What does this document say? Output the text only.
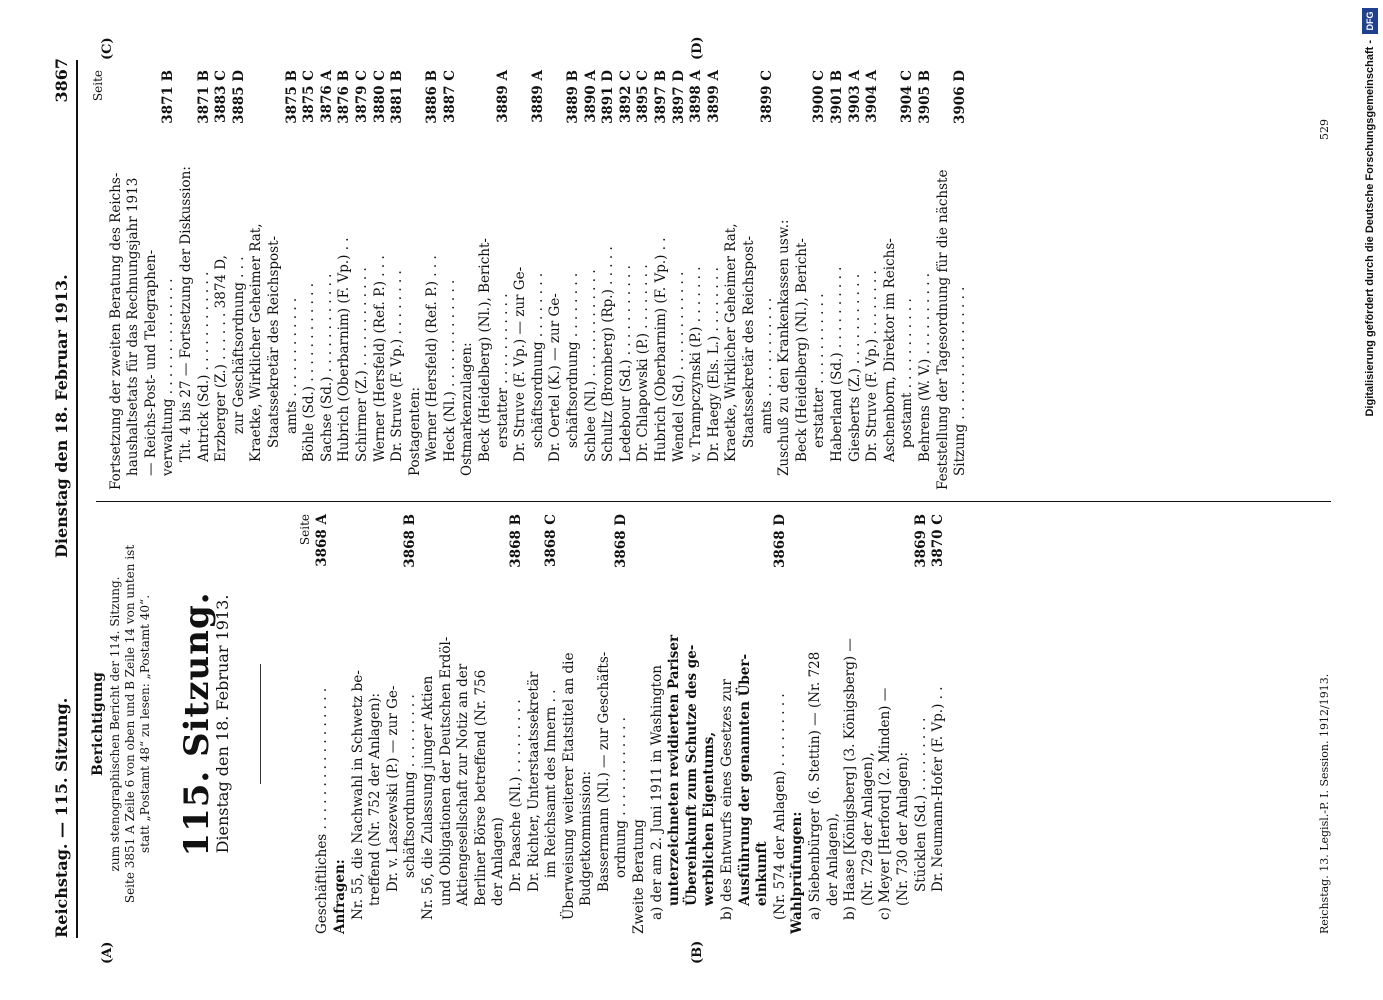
Reichstag. — 115. Sitzung.
Dienstag den 18. Februar 1913.
3867
(A)	(B)
(C)	(D)
Berichtigung zum stenographischen Bericht der 114. Sitzung. Seite 3851 A Zeile 6 von oben und B Zeile 14 von unten ist statt „Postamt 48“ zu lesen: „Postamt 40“. 115. Sitzung.
Dienstag den 18. Februar 1913.
Seite
Geschäftliches . . . . . . . . . . . . . . . . .
3868 A
Anfragen: Nr. 55, die Nachwahl in Schwetz be- treffend (Nr. 752 der Anlagen): Dr. v. Laszewski (P.) — zur Ge- schäftsordnung . . . . . . . . .
3868 B
Nr. 56, die Zulassung junger Aktien und Obligationen der Deutschen Erdöl- Aktiengesellschaft zur Notiz an der Berliner Börse betreffend (Nr. 756 der Anlagen) Dr. Paasche (Nl.) . . . . . . . . .
3868 B
Dr. Richter, Unterstaatssekretär im Reichsamt des Innern . .
3868 C
Überweisung weiterer Etatstitel an die Budgetkommission: Bassermann (Nl.) — zur Geschäfts- ordnung . . . . . . . . . . . .
3868 D
Zweite Beratung a) der am 2. Juni 1911 in Washington unterzeichneten revidierten Pariser Übereinkunft zum Schutze des ge- werblichen Eigentums, b) des Entwurfs eines Gesetzes zur Ausführung der genannten Über- einkunft (Nr. 574 der Anlagen) . . . . . . . . .
3868 D
Wahlprüfungen: a) Siebenbürger (6. Stettin) — (Nr. 728 der Anlagen), b) Haase [Königsberg] (3. Königsberg) — (Nr. 729 der Anlagen), c) Meyer [Herford] (2. Minden) — (Nr. 730 der Anlagen): Stücklen (Sd.) . . . . . . . . .
3869 B
Dr. Neumann-Hofer (F. Vp.) . .
3870 C
Seite
Fortsetzung der zweiten Beratung des Reichs- haushaltsetats für das Rechnungsjahr 1913 — Reichs-Post- und Telegraphen- verwaltung . . . . . . . . . . . . . .
3871 B
Tit. 4 bis 27 — Fortsetzung der Diskussion: Antrick (Sd.) . . . . . . . . . . . .
3871 B
Erzberger (Z.) . . . . . . 3874 D,
3883 C
zur Geschäftsordnung . . .
3885 D
Kraetke, Wirklicher Geheimer Rat, Staatssekretär des Reichspost- amts . . . . . . . . . . . .
3875 B
Böhle (Sd.) . . . . . . . . . . . .
3875 C
Sachse (Sd.) . . . . . . . . . . . .
3876 A
Hubrich (Oberbarnim) (F. Vp.) . .
3876 B
Schirmer (Z.) . . . . . . . . . . . .
3879 C
Werner (Hersfeld) (Ref. P.) . . .
3880 C
Dr. Struve (F. Vp.) . . . . . . . .
3881 B
Postagenten: Werner (Hersfeld) (Ref. P.) . . .
3886 B
Heck (Nl.) . . . . . . . . . . . . .
3887 C
Ostmarkenzulagen: Beck (Heidelberg) (Nl.), Bericht- erstatter . . . . . . . . . . .
3889 A
Dr. Struve (F. Vp.) — zur Ge- schäftsordnung . . . . . . . .
3889 A
Dr. Oertel (K.) — zur Ge- schäftsordnung . . . . . . . .
3889 B
Schlee (Nl.) . . . . . . . . . . . . .
3890 A
Schultz (Bromberg) (Rp.) . . . . .
3891 D
Ledebour (Sd.) . . . . . . . . . . .
3892 C
Dr. Chlapowski (P.) . . . . . . . .
3895 C
Hubrich (Oberbarnim) (F. Vp.) . .
3897 B
Wendel (Sd.) . . . . . . . . . . . .
3897 D
v. Trampczynski (P.) . . . . . . .
3898 A
Dr. Haegy (Els. L.) . . . . . . . .
3899 A
Kraetke, Wirklicher Geheimer Rat, Staatssekretär des Reichspost- amts . . . . . . . . . . . .
3899 C
Zuschuß zu den Krankenkassen usw.: Beck (Heidelberg) (Nl.), Bericht- erstatter . . . . . . . . . . .
3900 C
Haberland (Sd.) . . . . . . . . . .
3901 B
Giesberts (Z.) . . . . . . . . . . .
3903 A
Dr. Struve (F. Vp.) . . . . . . . .
3904 A
Aschenborn, Direktor im Reichs- postamt . . . . . . . . . . .
3904 C
Behrens (W. V.) . . . . . . . . . .
3905 B
Feststellung der Tagesordnung für die nächste Sitzung . . . . . . . . . . . . . . . .
3906 D
Reichstag. 13. Legisl.-P. I. Session. 1912/1913.
529	Digitalisierung gefördert durch die Deutsche Forschungsgemeinschaft -
DFG
